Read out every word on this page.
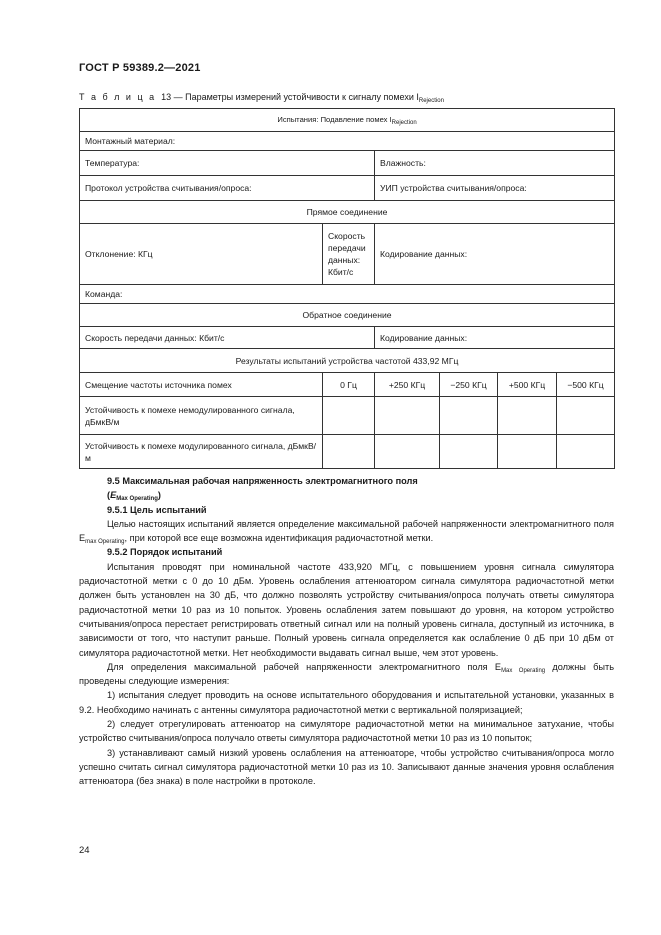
ГОСТ Р 59389.2—2021
Т а б л и ц а 13 — Параметры измерений устойчивости к сигналу помехи $I_{Rejection}$
Испытания: Подавление помех $I_{Rejection}$
Монтажный материал:					
Температура:		Влажность:			
Протокол устройства считывания/опроса:		УИП устройства считывания/опроса:			
Прямое соединение					
Отклонение: КГц	Скорость передачи данных: Кбит/с	Кодирование данных:			
Команда:					
Обратное соединение					
Скорость передачи данных: Кбит/с		Кодирование данных:			
Результаты испытаний устройства частотой 433,92 МГц					
Смещение частоты источника помех	0 Гц	+250 КГц	−250 КГц	+500 КГц	−500 КГц
Устойчивость к помехе немодулированного сигнала, дБмкВ/м					
Устойчивость к помехе модулированного сигнала, дБмкВ/м					

9.5 Максимальная рабочая напряженность электромагнитного поля
$(E_{Max Operating})$

9.5.1 Цель испытаний

Целью настоящих испытаний является определение максимальной рабочей напряженности электромагнитного поля $E_{max Operating}$, при которой все еще возможна идентификация радиочастотной метки.

9.5.2 Порядок испытаний

Испытания проводят при номинальной частоте 433,920 МГц, с повышением уровня сигнала симулятора радиочастотной метки с 0 до 10 дБм. Уровень ослабления аттенюатором сигнала симулятора радиочастотной метки должен быть установлен на 30 дБ, что должно позволять устройству считывания/опроса получать ответы симулятора радиочастотной метки 10 раз из 10 попыток. Уровень ослабления затем повышают до уровня, на котором устройство считывания/опроса перестает регистрировать ответный сигнал или на полный уровень сигнала, доступный из источника, в зависимости от того, что наступит раньше. Полный уровень сигнала определяется как ослабление 0 дБ при 10 дБм от симулятора радиочастотной метки. Нет необходимости выдавать сигнал выше, чем этот уровень.

Для определения максимальной рабочей напряженности электромагнитного поля $E_{Max Operating}$ должны быть проведены следующие измерения:

1) испытания следует проводить на основе испытательного оборудования и испытательной установки, указанных в 9.2. Необходимо начинать с антенны симулятора радиочастотной метки с вертикальной поляризацией;

2) следует отрегулировать аттенюатор на симуляторе радиочастотной метки на минимальное затухание, чтобы устройство считывания/опроса получало ответы симулятора радиочастотной метки 10 раз из 10 попыток;

3) устанавливают самый низкий уровень ослабления на аттенюаторе, чтобы устройство считывания/опроса могло успешно считать сигнал симулятора радиочастотной метки 10 раз из 10. Записывают данные значения уровня ослабления аттенюатора (без знака) в поле настройки в протоколе.

24
